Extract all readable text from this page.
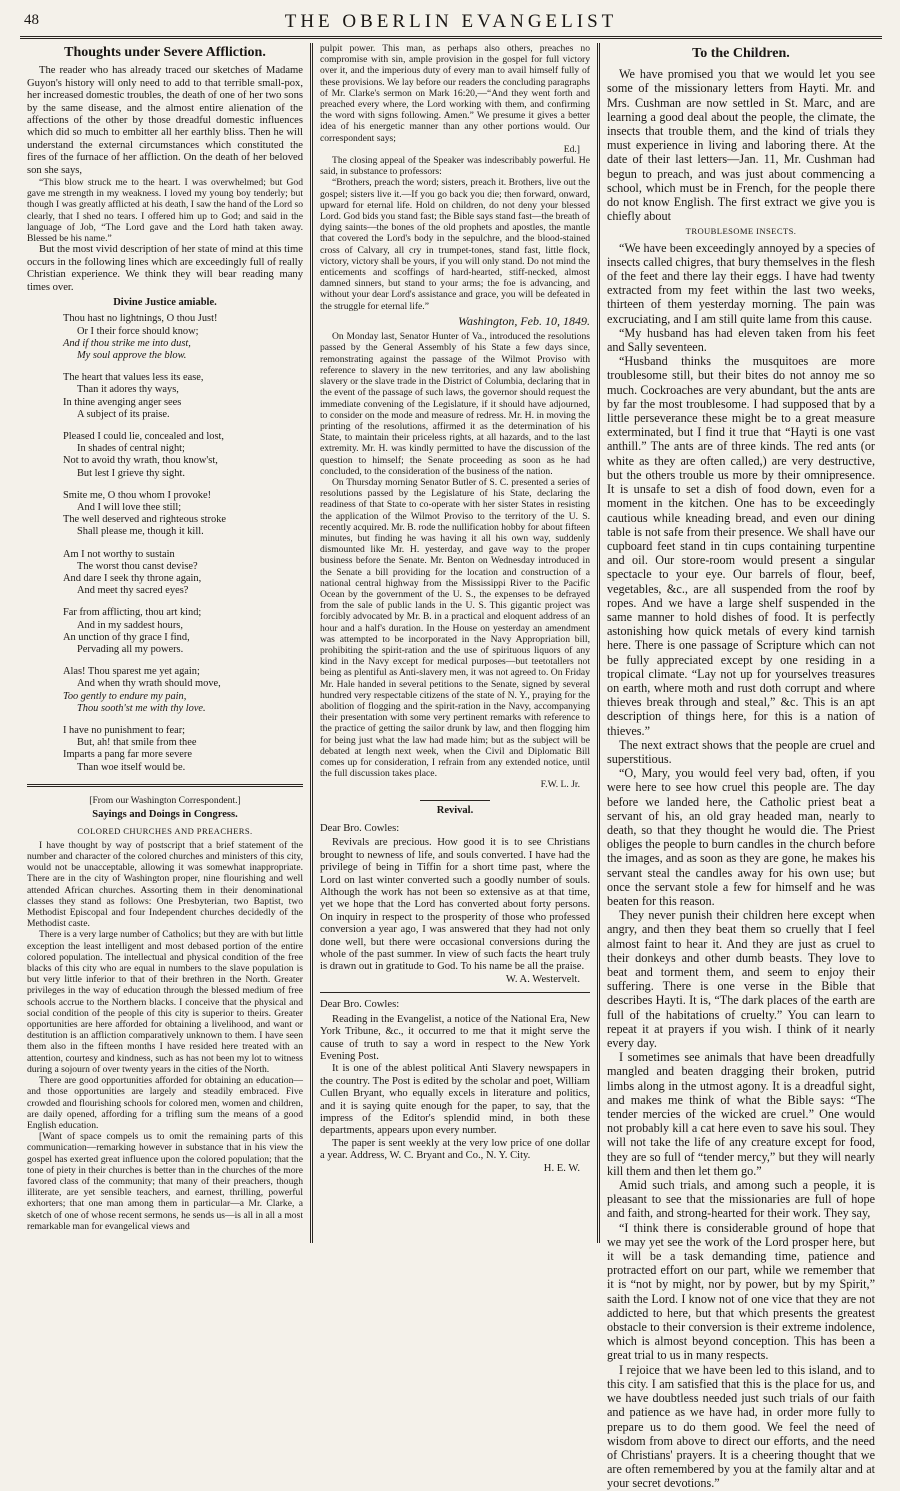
48	THE OBERLIN EVANGELIST
Thoughts under Severe Affliction.

The reader who has already traced our sketches of Madame Guyon's history will only need to add to that terrible small-pox, her increased domestic troubles, the death of one of her two sons by the same disease, and the almost entire alienation of the affections of the other by those dreadful domestic influences which did so much to embitter all her earthly bliss. Then he will understand the external circumstances which constituted the fires of the furnace of her affliction. On the death of her beloved son she says,

“This blow struck me to the heart. I was overwhelmed; but God gave me strength in my weakness. I loved my young boy tenderly; but though I was greatly afflicted at his death, I saw the hand of the Lord so clearly, that I shed no tears. I offered him up to God; and said in the language of Job, “The Lord gave and the Lord hath taken away. Blessed be his name.”

But the most vivid description of her state of mind at this time occurs in the following lines which are exceedingly full of really Christian experience. We think they will bear reading many times over.

Divine Justice amiable.
Thou hast no lightnings, O thou Just!
Or I their force should know;
And if thou strike me into dust,
My soul approve the blow.
The heart that values less its ease,
Than it adores thy ways,
In thine avenging anger sees
A subject of its praise.
Pleased I could lie, concealed and lost,
In shades of central night;
Not to avoid thy wrath, thou know'st,
But lest I grieve thy sight.
Smite me, O thou whom I provoke!
And I will love thee still;
The well deserved and righteous stroke
Shall please me, though it kill.
Am I not worthy to sustain
The worst thou canst devise?
And dare I seek thy throne again,
And meet thy sacred eyes?
Far from afflicting, thou art kind;
And in my saddest hours,
An unction of thy grace I find,
Pervading all my powers.
Alas! Thou sparest me yet again;
And when thy wrath should move,
Too gently to endure my pain,
Thou sooth'st me with thy love.
I have no punishment to fear;
But, ah! that smile from thee
Imparts a pang far more severe
Than woe itself would be.
[From our Washington Correspondent.]
Sayings and Doings in Congress.
COLORED CHURCHES AND PREACHERS.

I have thought by way of postscript that a brief statement of the number and character of the colored churches and ministers of this city, would not be unacceptable, allowing it was somewhat inappropriate. There are in the city of Washington proper, nine flourishing and well attended African churches. Assorting them in their denominational classes they stand as follows: One Presbyterian, two Baptist, two Methodist Episcopal and four Independent churches decidedly of the Methodist caste.

There is a very large number of Catholics; but they are with but little exception the least intelligent and most debased portion of the entire colored population. The intellectual and physical condition of the free blacks of this city who are equal in numbers to the slave population is but very little inferior to that of their brethren in the North. Greater privileges in the way of education through the blessed medium of free schools accrue to the Northern blacks. I conceive that the physical and social condition of the people of this city is superior to theirs. Greater opportunities are here afforded for obtaining a livelihood, and want or destitution is an affliction comparatively unknown to them. I have seen them also in the fifteen months I have resided here treated with an attention, courtesy and kindness, such as has not been my lot to witness during a sojourn of over twenty years in the cities of the North.

There are good opportunities afforded for obtaining an education—and those opportunities are largely and steadily embraced. Five crowded and flourishing schools for colored men, women and children, are daily opened, affording for a trifling sum the means of a good English education.

[Want of space compels us to omit the remaining parts of this communication—remarking however in substance that in his view the gospel has exerted great influence upon the colored population; that the tone of piety in their churches is better than in the churches of the more favored class of the community; that many of their preachers, though illiterate, are yet sensible teachers, and earnest, thrilling, powerful exhorters; that one man among them in particular—a Mr. Clarke, a sketch of one of whose recent sermons, he sends us—is all in all a most remarkable man for evangelical views and

pulpit power. This man, as perhaps also others, preaches no compromise with sin, ample provision in the gospel for full victory over it, and the imperious duty of every man to avail himself fully of these provisions. We lay before our readers the concluding paragraphs of Mr. Clarke's sermon on Mark 16:20,—“And they went forth and preached every where, the Lord working with them, and confirming the word with signs following. Amen.” We presume it gives a better idea of his energetic manner than any other portions would. Our correspondent says;

Ed.]

The closing appeal of the Speaker was indescribably powerful. He said, in substance to professors:

“Brothers, preach the word; sisters, preach it. Brothers, live out the gospel; sisters live it.—If you go back you die; then forward, onward, upward for eternal life. Hold on children, do not deny your blessed Lord. God bids you stand fast; the Bible says stand fast—the breath of dying saints—the bones of the old prophets and apostles, the mantle that covered the Lord's body in the sepulchre, and the blood-stained cross of Calvary, all cry in trumpet-tones, stand fast, little flock, victory, victory shall be yours, if you will only stand. Do not mind the enticements and scoffings of hard-hearted, stiff-necked, almost damned sinners, but stand to your arms; the foe is advancing, and without your dear Lord's assistance and grace, you will be defeated in the struggle for eternal life.”

Washington, Feb. 10, 1849.

On Monday last, Senator Hunter of Va., introduced the resolutions passed by the General Assembly of his State a few days since, remonstrating against the passage of the Wilmot Proviso with reference to slavery in the new territories, and any law abolishing slavery or the slave trade in the District of Columbia, declaring that in the event of the passage of such laws, the governor should request the immediate convening of the Legislature, if it should have adjourned, to consider on the mode and measure of redress. Mr. H. in moving the printing of the resolutions, affirmed it as the determination of his State, to maintain their priceless rights, at all hazards, and to the last extremity. Mr. H. was kindly permitted to have the discussion of the question to himself; the Senate proceeding as soon as he had concluded, to the consideration of the business of the nation.

On Thursday morning Senator Butler of S. C. presented a series of resolutions passed by the Legislature of his State, declaring the readiness of that State to co-operate with her sister States in resisting the application of the Wilmot Proviso to the territory of the U. S. recently acquired. Mr. B. rode the nullification hobby for about fifteen minutes, but finding he was having it all his own way, suddenly dismounted like Mr. H. yesterday, and gave way to the proper business before the Senate. Mr. Benton on Wednesday introduced in the Senate a bill providing for the location and construction of a national central highway from the Mississippi River to the Pacific Ocean by the government of the U. S., the expenses to be defrayed from the sale of public lands in the U. S. This gigantic project was forcibly advocated by Mr. B. in a practical and eloquent address of an hour and a half's duration. In the House on yesterday an amendment was attempted to be incorporated in the Navy Appropriation bill, prohibiting the spirit-ration and the use of spirituous liquors of any kind in the Navy except for medical purposes—but teetotallers not being as plentiful as Anti-slavery men, it was not agreed to. On Friday Mr. Hale handed in several petitions to the Senate, signed by several hundred very respectable citizens of the state of N. Y., praying for the abolition of flogging and the spirit-ration in the Navy, accompanying their presentation with some very pertinent remarks with reference to the practice of getting the sailor drunk by law, and then flogging him for being just what the law had made him; but as the subject will be debated at length next week, when the Civil and Diplomatic Bill comes up for consideration, I refrain from any extended notice, until the full discussion takes place.

F.W. L. Jr.
Revival.
Dear Bro. Cowles:

Revivals are precious. How good it is to see Christians brought to newness of life, and souls converted. I have had the privilege of being in Tiffin for a short time past, where the Lord on last winter converted such a goodly number of souls. Although the work has not been so extensive as at that time, yet we hope that the Lord has converted about forty persons. On inquiry in respect to the prosperity of those who professed conversion a year ago, I was answered that they had not only done well, but there were occasional conversions during the whole of the past summer. In view of such facts the heart truly is drawn out in gratitude to God. To his name be all the praise.

W. A. Westervelt.
Dear Bro. Cowles:

Reading in the Evangelist, a notice of the National Era, New York Tribune, &c., it occurred to me that it might serve the cause of truth to say a word in respect to the New York Evening Post.

It is one of the ablest political Anti Slavery newspapers in the country. The Post is edited by the scholar and poet, William Cullen Bryant, who equally excels in literature and politics, and it is saying quite enough for the paper, to say, that the impress of the Editor's splendid mind, in both these departments, appears upon every number.

The paper is sent weekly at the very low price of one dollar a year. Address, W. C. Bryant and Co., N. Y. City.

H. E. W.
To the Children.

We have promised you that we would let you see some of the missionary letters from Hayti. Mr. and Mrs. Cushman are now settled in St. Marc, and are learning a good deal about the people, the climate, the insects that trouble them, and the kind of trials they must experience in living and laboring there. At the date of their last letters—Jan. 11, Mr. Cushman had begun to preach, and was just about commencing a school, which must be in French, for the people there do not know English. The first extract we give you is chiefly about

TROUBLESOME INSECTS.

“We have been exceedingly annoyed by a species of insects called chigres, that bury themselves in the flesh of the feet and there lay their eggs. I have had twenty extracted from my feet within the last two weeks, thirteen of them yesterday morning. The pain was excruciating, and I am still quite lame from this cause.

“My husband has had eleven taken from his feet and Sally seventeen.

“Husband thinks the musquitoes are more troublesome still, but their bites do not annoy me so much. Cockroaches are very abundant, but the ants are by far the most troublesome. I had supposed that by a little perseverance these might be to a great measure exterminated, but I find it true that “Hayti is one vast anthill.” The ants are of three kinds. The red ants (or white as they are often called,) are very destructive, but the others trouble us more by their omnipresence. It is unsafe to set a dish of food down, even for a moment in the kitchen. One has to be exceedingly cautious while kneading bread, and even our dining table is not safe from their presence. We shall have our cupboard feet stand in tin cups containing turpentine and oil. Our store-room would present a singular spectacle to your eye. Our barrels of flour, beef, vegetables, &c., are all suspended from the roof by ropes. And we have a large shelf suspended in the same manner to hold dishes of food. It is perfectly astonishing how quick metals of every kind tarnish here. There is one passage of Scripture which can not be fully appreciated except by one residing in a tropical climate. “Lay not up for yourselves treasures on earth, where moth and rust doth corrupt and where thieves break through and steal,” &c. This is an apt description of things here, for this is a nation of thieves.”

The next extract shows that the people are cruel and superstitious.

“O, Mary, you would feel very bad, often, if you were here to see how cruel this people are. The day before we landed here, the Catholic priest beat a servant of his, an old gray headed man, nearly to death, so that they thought he would die. The Priest obliges the people to burn candles in the church before the images, and as soon as they are gone, he makes his servant steal the candles away for his own use; but once the servant stole a few for himself and he was beaten for this reason.

They never punish their children here except when angry, and then they beat them so cruelly that I feel almost faint to hear it. And they are just as cruel to their donkeys and other dumb beasts. They love to beat and torment them, and seem to enjoy their suffering. There is one verse in the Bible that describes Hayti. It is, “The dark places of the earth are full of the habitations of cruelty.” You can learn to repeat it at prayers if you wish. I think of it nearly every day.

I sometimes see animals that have been dreadfully mangled and beaten dragging their broken, putrid limbs along in the utmost agony. It is a dreadful sight, and makes me think of what the Bible says: “The tender mercies of the wicked are cruel.” One would not probably kill a cat here even to save his soul. They will not take the life of any creature except for food, they are so full of “tender mercy,” but they will nearly kill them and then let them go.”

Amid such trials, and among such a people, it is pleasant to see that the missionaries are full of hope and faith, and strong-hearted for their work. They say,

“I think there is considerable ground of hope that we may yet see the work of the Lord prosper here, but it will be a task demanding time, patience and protracted effort on our part, while we remember that it is “not by might, nor by power, but by my Spirit,” saith the Lord. I know not of one vice that they are not addicted to here, but that which presents the greatest obstacle to their conversion is their extreme indolence, which is almost beyond conception. This has been a great trial to us in many respects.

I rejoice that we have been led to this island, and to this city. I am satisfied that this is the place for us, and we have doubtless needed just such trials of our faith and patience as we have had, in order more fully to prepare us to do them good. We feel the need of wisdom from above to direct our efforts, and the need of Christians' prayers. It is a cheering thought that we are often remembered by you at the family altar and at your secret devotions.”
